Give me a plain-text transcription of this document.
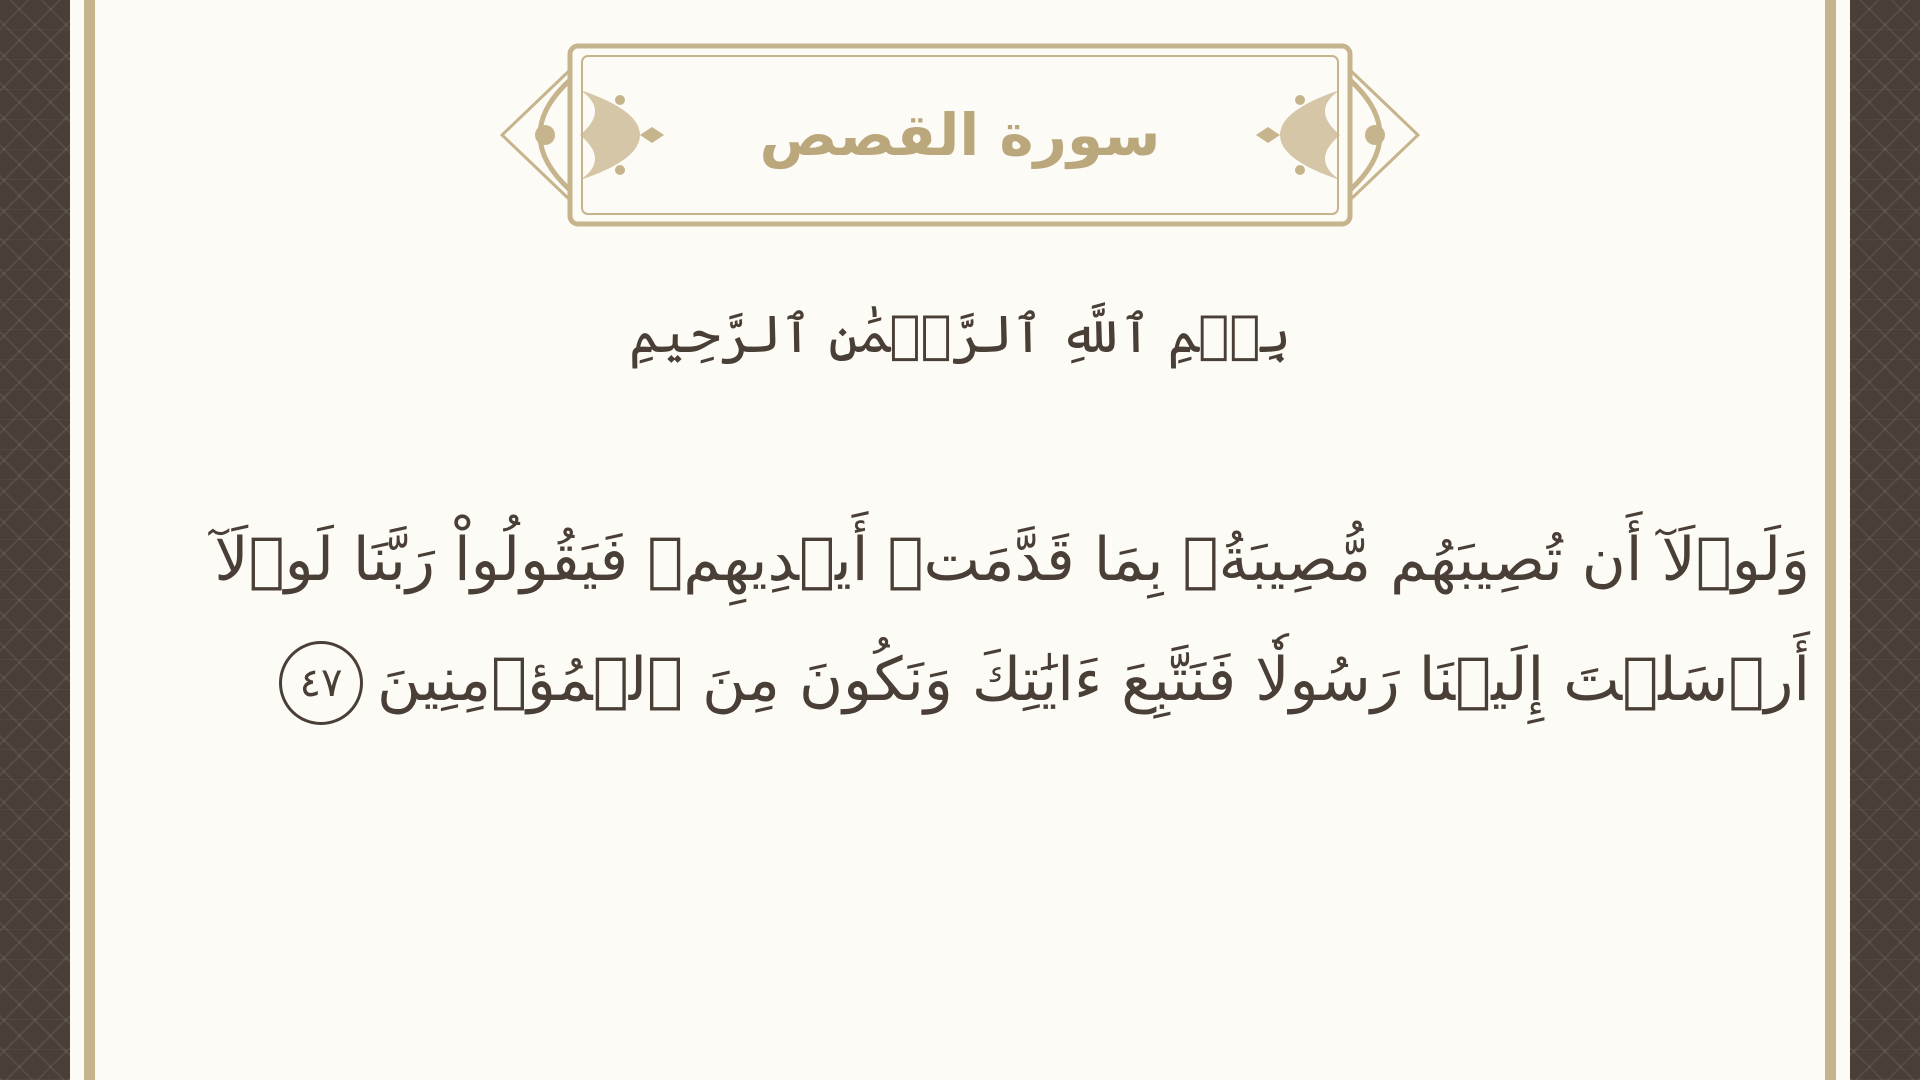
سورة القصص
بِسۡمِ ٱللَّهِ ٱلرَّحۡمَٰنِ ٱلرَّحِيمِ
وَلَوۡلَآ أَن تُصِيبَهُم مُّصِيبَةُۢ بِمَا قَدَّمَتۡ أَيۡدِيهِمۡ فَيَقُولُواْ رَبَّنَا لَوۡلَآ
أَرۡسَلۡتَ إِلَيۡنَا رَسُولٗا فَنَتَّبِعَ ءَايَٰتِكَ وَنَكُونَ مِنَ ٱلۡمُؤۡمِنِينَ٤٧
